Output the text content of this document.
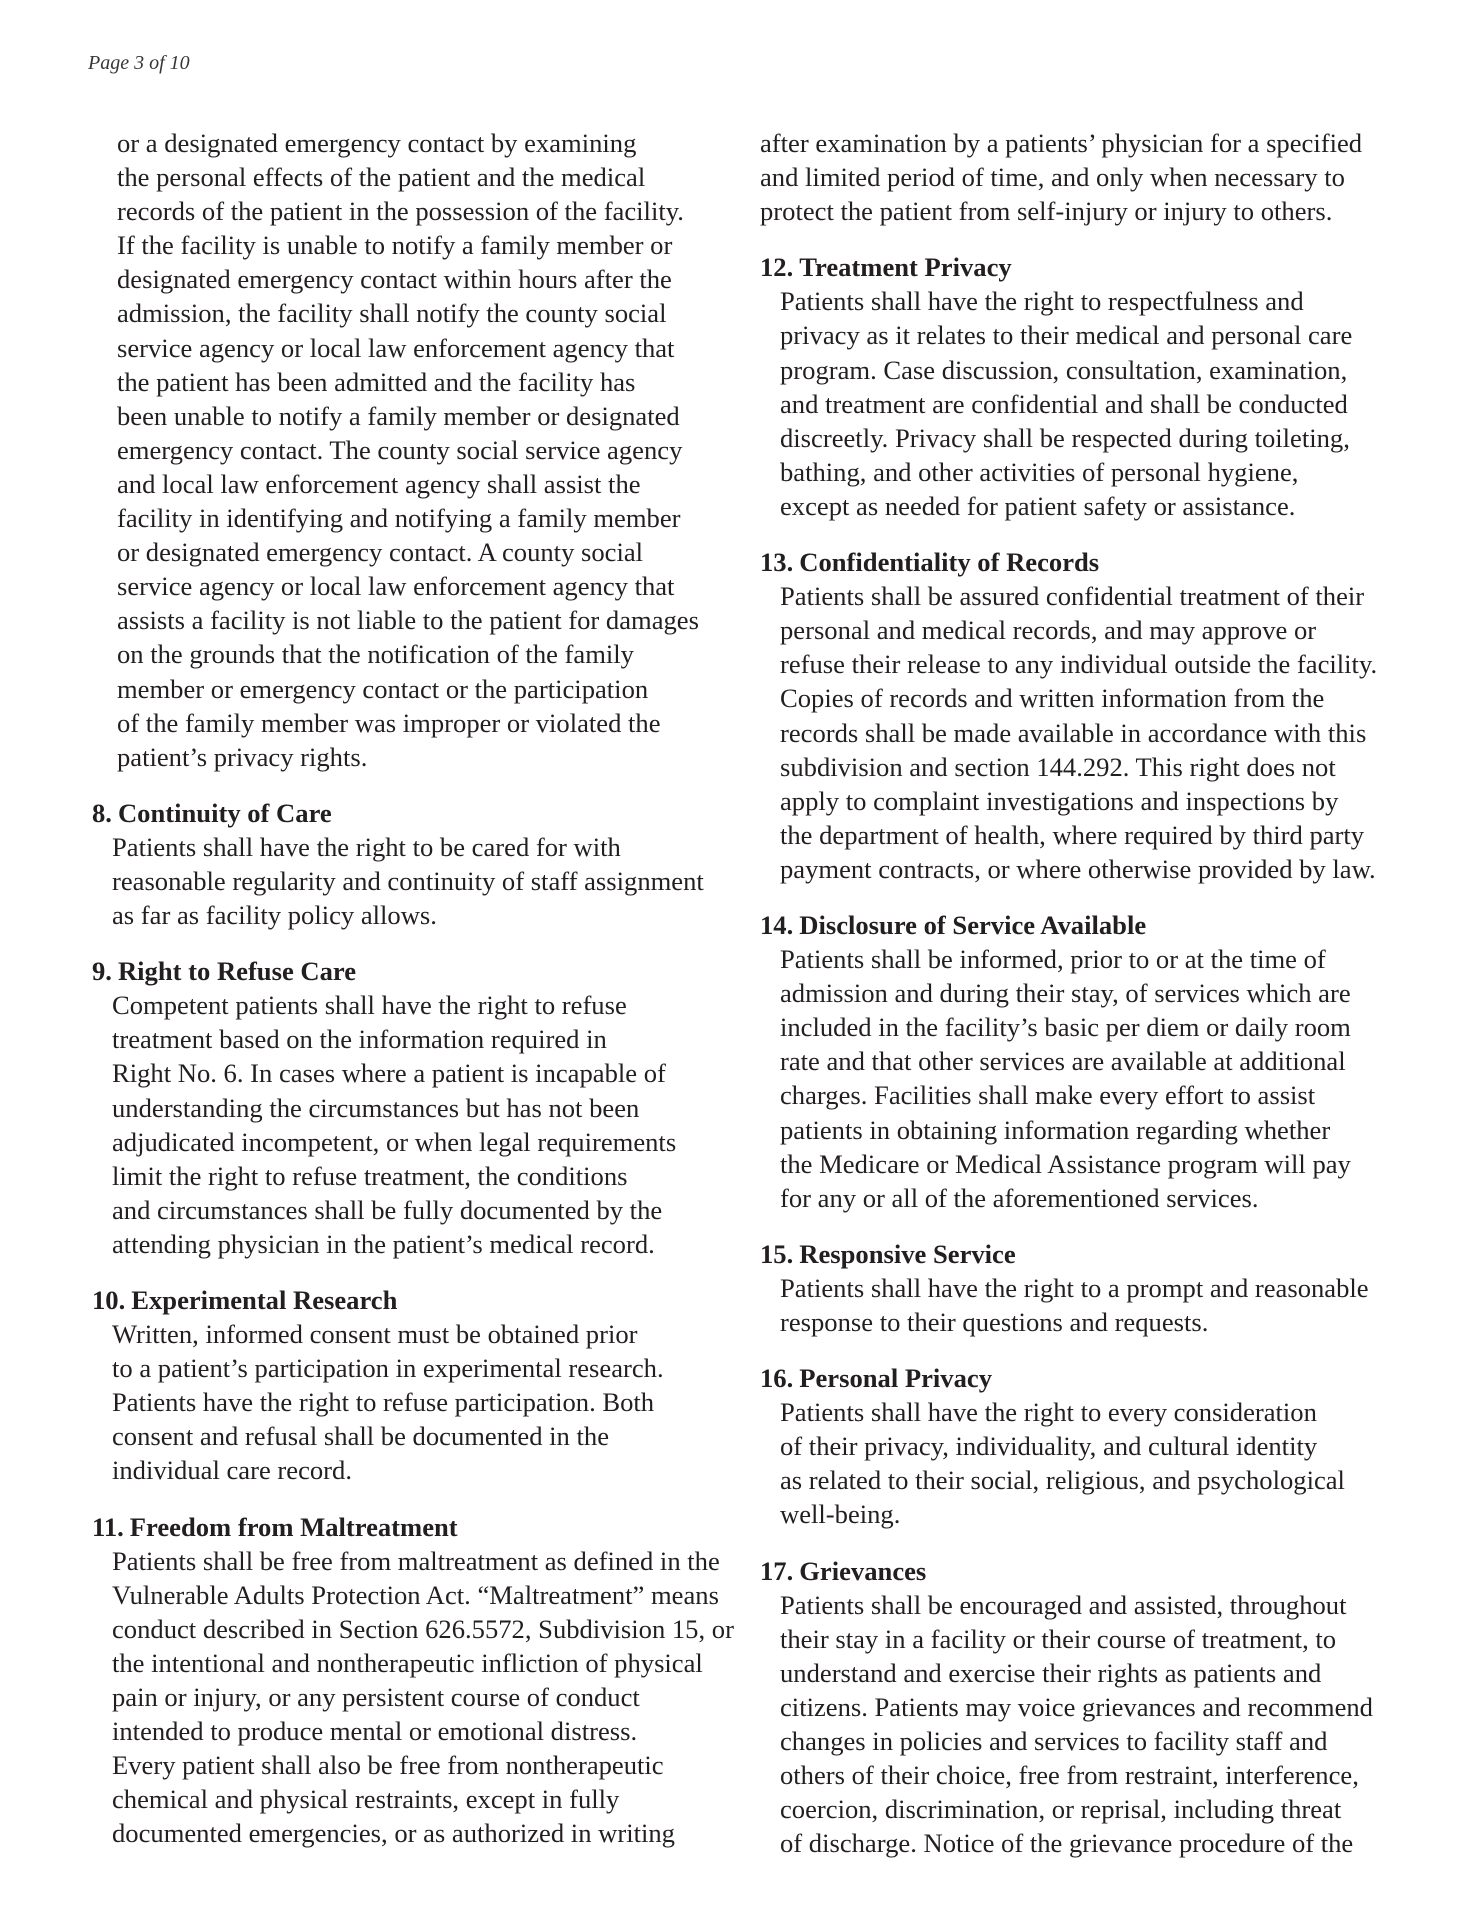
Page 3 of 10

or a designated emergency contact by examining
the personal effects of the patient and the medical
records of the patient in the possession of the facility.
If the facility is unable to notify a family member or
designated emergency contact within hours after the
admission, the facility shall notify the county social
service agency or local law enforcement agency that
the patient has been admitted and the facility has
been unable to notify a family member or designated
emergency contact. The county social service agency
and local law enforcement agency shall assist the
facility in identifying and notifying a family member
or designated emergency contact. A county social
service agency or local law enforcement agency that
assists a facility is not liable to the patient for damages
on the grounds that the notification of the family
member or emergency contact or the participation
of the family member was improper or violated the
patient’s privacy rights.

8. Continuity of Care

Patients shall have the right to be cared for with
reasonable regularity and continuity of staff assignment
as far as facility policy allows.

9. Right to Refuse Care

Competent patients shall have the right to refuse
treatment based on the information required in
Right No. 6. In cases where a patient is incapable of
understanding the circumstances but has not been
adjudicated incompetent, or when legal requirements
limit the right to refuse treatment, the conditions
and circumstances shall be fully documented by the
attending physician in the patient’s medical record.

10. Experimental Research

Written, informed consent must be obtained prior
to a patient’s participation in experimental research.
Patients have the right to refuse participation. Both
consent and refusal shall be documented in the
individual care record.

11. Freedom from Maltreatment

Patients shall be free from maltreatment as defined in the
Vulnerable Adults Protection Act. “Maltreatment” means
conduct described in Section 626.5572, Subdivision 15, or
the intentional and nontherapeutic infliction of physical
pain or injury, or any persistent course of conduct
intended to produce mental or emotional distress.
Every patient shall also be free from nontherapeutic
chemical and physical restraints, except in fully
documented emergencies, or as authorized in writing

after examination by a patients’ physician for a specified
and limited period of time, and only when necessary to
protect the patient from self-injury or injury to others.

12. Treatment Privacy

Patients shall have the right to respectfulness and
privacy as it relates to their medical and personal care
program. Case discussion, consultation, examination,
and treatment are confidential and shall be conducted
discreetly. Privacy shall be respected during toileting,
bathing, and other activities of personal hygiene,
except as needed for patient safety or assistance.

13. Confidentiality of Records

Patients shall be assured confidential treatment of their
personal and medical records, and may approve or
refuse their release to any individual outside the facility.
Copies of records and written information from the
records shall be made available in accordance with this
subdivision and section 144.292. This right does not
apply to complaint investigations and inspections by
the department of health, where required by third party
payment contracts, or where otherwise provided by law.

14. Disclosure of Service Available

Patients shall be informed, prior to or at the time of
admission and during their stay, of services which are
included in the facility’s basic per diem or daily room
rate and that other services are available at additional
charges. Facilities shall make every effort to assist
patients in obtaining information regarding whether
the Medicare or Medical Assistance program will pay
for any or all of the aforementioned services.

15. Responsive Service

Patients shall have the right to a prompt and reasonable
response to their questions and requests.

16. Personal Privacy

Patients shall have the right to every consideration
of their privacy, individuality, and cultural identity
as related to their social, religious, and psychological
well-being.

17. Grievances

Patients shall be encouraged and assisted, throughout
their stay in a facility or their course of treatment, to
understand and exercise their rights as patients and
citizens. Patients may voice grievances and recommend
changes in policies and services to facility staff and
others of their choice, free from restraint, interference,
coercion, discrimination, or reprisal, including threat
of discharge. Notice of the grievance procedure of the
